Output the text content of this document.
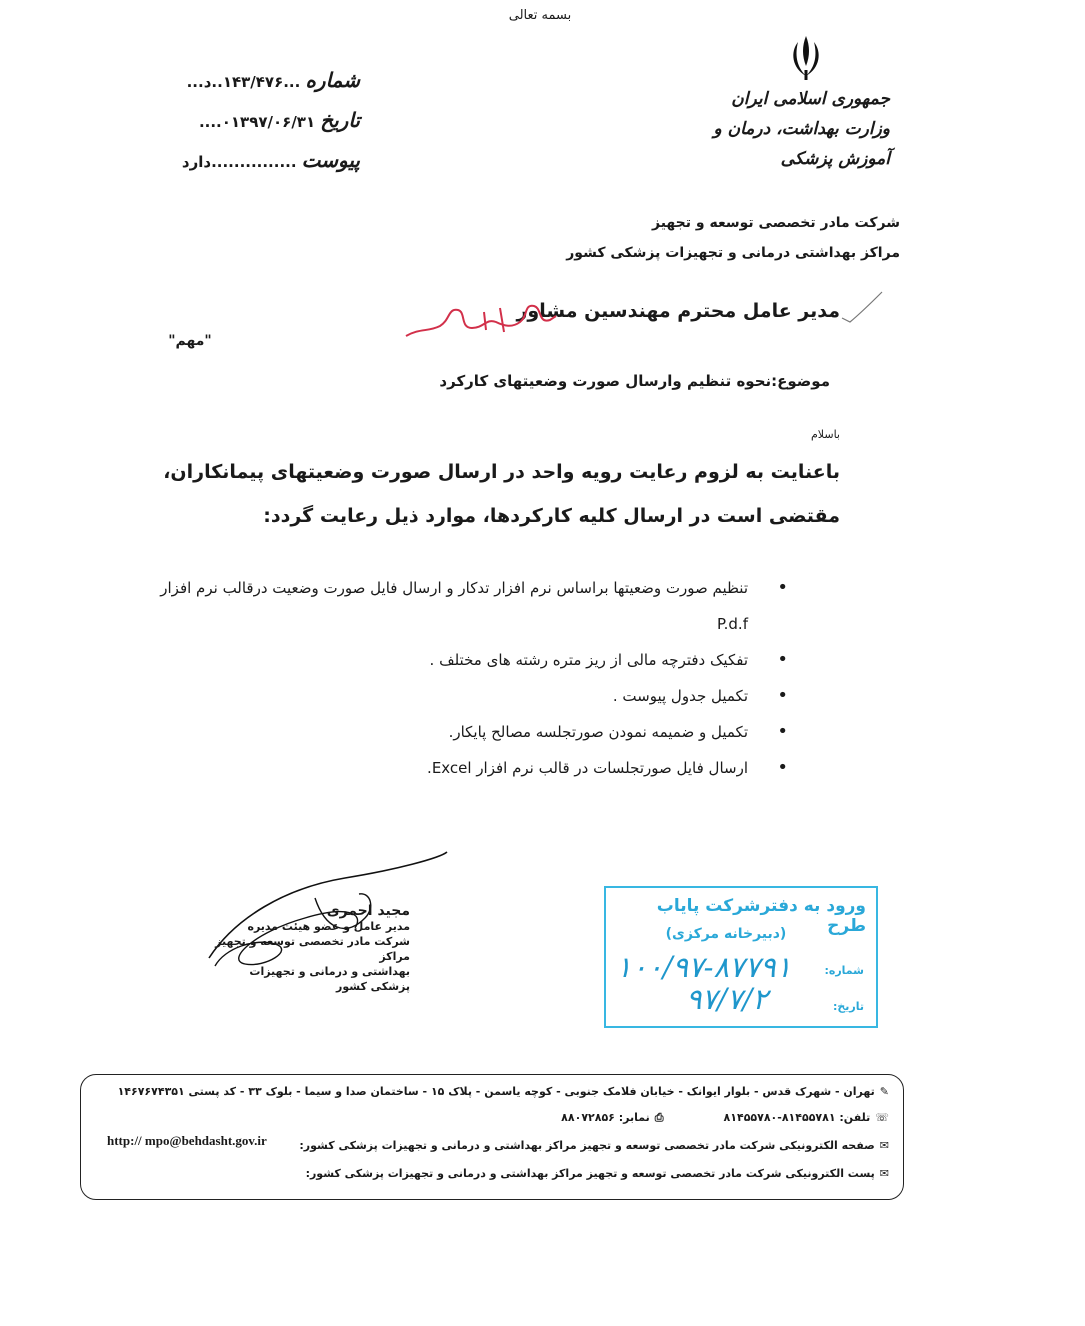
بسمه تعالی
جمهوری اسلامی ایران
وزارت بهداشت، درمان و آموزش پزشکی
شماره ...۱۴۳/۴۷۶..د...
تاریخ ۰۱۳۹۷/۰۶/۳۱....
پیوست ...............دارد
شرکت مادر تخصصی توسعه و تجهیز
مراکز بهداشتی درمانی و تجهیزات پزشکی کشور
مدیر عامل محترم مهندسین مشاور
"مهم"
موضوع:نحوه تنظیم وارسال صورت وضعیتهای کارکرد
باسلام
باعنایت به لزوم رعایت رویه واحد در ارسال صورت وضعیتهای پیمانکاران،
مقتضی است در ارسال کلیه کارکردها، موارد ذیل رعایت گردد:
• تنظیم صورت وضعیتها براساس نرم افزار تدکار و ارسال فایل صورت وضعیت درقالب نرم افزار P.d.f
• تفکیک دفترچه مالی از ریز متره رشته های مختلف .
• تکمیل جدول پیوست .
• تکمیل و ضمیمه نمودن صورتجلسه مصالح پایکار.
• ارسال فایل صورتجلسات در قالب نرم افزار Excel.
مجید احمری
مدیر عامل و عضو هیئت مدیره
شرکت مادر تخصصی توسعه و تجهیز مراکز
بهداشتی و درمانی و تجهیزات پزشکی کشور
ورود به دفترشرکت پایاب طرح
(دبیرخانه مرکزی)
شماره:
۱۰۰/۹۷-۸۷۷۹۱
تاریخ:
۹۷/۷/۲
✎تهران - شهرک قدس - بلوار ایوانک - خیابان فلامک جنوبی - کوچه یاسمن - پلاک ۱۵ - ساختمان صدا و سیما - بلوک ۳۳ - کد پستی ۱۴۶۷۶۷۴۳۵۱
☏تلفن: ۸۱۴۵۵۷۸۱-۸۱۴۵۵۷۸۰⎙نمابر: ۸۸۰۷۲۸۵۶
✉صفحه الکترونیکی شرکت مادر تخصصی توسعه و تجهیز مراکز بهداشتی و درمانی و تجهیزات پزشکی کشور:
http:// mpo@behdasht.gov.ir
✉پست الکترونیکی شرکت مادر تخصصی توسعه و تجهیز مراکز بهداشتی و درمانی و تجهیزات پزشکی کشور:
